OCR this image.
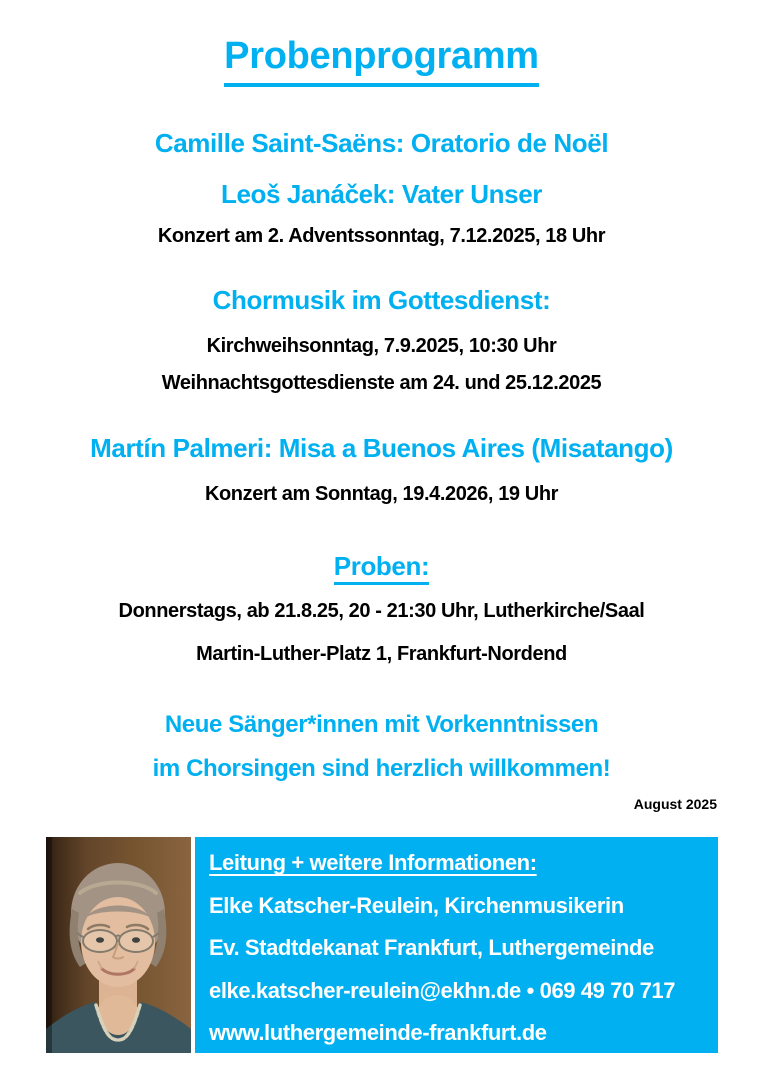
Probenprogramm
Camille Saint-Saëns: Oratorio de Noël
Leoš Janáček: Vater Unser
Konzert am 2. Adventssonntag, 7.12.2025, 18 Uhr
Chormusik im Gottesdienst:
Kirchweihsonntag, 7.9.2025, 10:30 Uhr
Weihnachtsgottesdienste am 24. und 25.12.2025
Martín Palmeri: Misa a Buenos Aires (Misatango)
Konzert am Sonntag, 19.4.2026, 19 Uhr
Proben:
Donnerstags, ab 21.8.25, 20 - 21:30 Uhr, Lutherkirche/Saal
Martin-Luther-Platz 1, Frankfurt-Nordend
Neue Sänger*innen mit Vorkenntnissen
im Chorsingen sind herzlich willkommen!
August 2025
Leitung + weitere Informationen:
Elke Katscher-Reulein, Kirchenmusikerin
Ev. Stadtdekanat Frankfurt, Luthergemeinde
elke.katscher-reulein@ekhn.de • 069 49 70 717
www.luthergemeinde-frankfurt.de
